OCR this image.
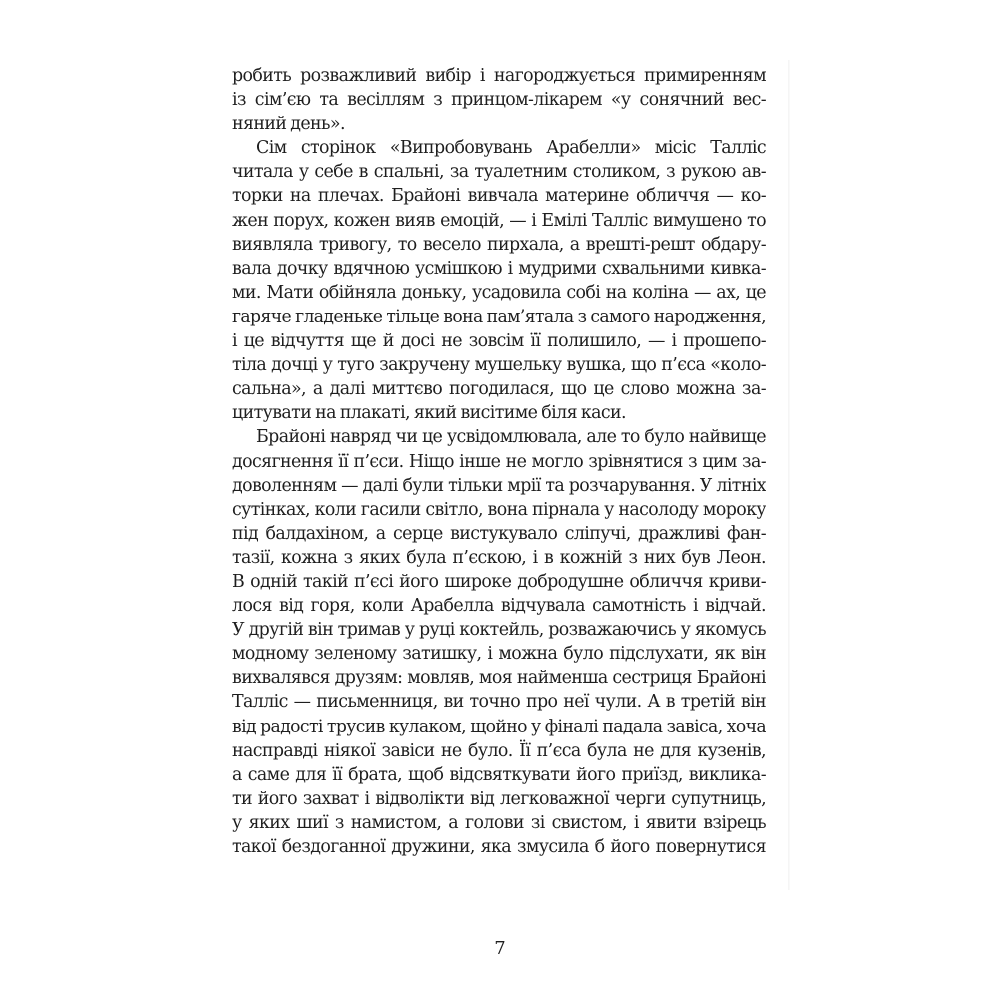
робить розважливий вибір і нагороджується примиренням
із сім’єю та весіллям з принцом-лікарем «у сонячний вес-
няний день».
Сім сторінок «Випробовувань Арабелли» місіс Талліс
читала у себе в спальні, за туалетним столиком, з рукою ав-
торки на плечах. Брайоні вивчала материне обличчя — ко-
жен порух, кожен вияв емоцій, — і Емілі Талліс вимушено то
виявляла тривогу, то весело пирхала, а врешті-решт обдару-
вала дочку вдячною усмішкою і мудрими схвальними кивка-
ми. Мати обійняла доньку, усадовила собі на коліна — ах, це
гаряче гладеньке тільце вона пам’ятала з самого народження,
і це відчуття ще й досі не зовсім її полишило, — і прошепо-
тіла дочці у туго закручену мушельку вушка, що п’єса «коло-
сальна», а далі миттєво погодилася, що це слово можна за-
цитувати на плакаті, який висітиме біля каси.
Брайоні навряд чи це усвідомлювала, але то було найвище
досягнення її п’єси. Ніщо інше не могло зрівнятися з цим за-
доволенням — далі були тільки мрії та розчарування. У літніх
сутінках, коли гасили світло, вона пірнала у насолоду мороку
під балдахіном, а серце вистукувало сліпучі, дражливі фан-
тазії, кожна з яких була п’єскою, і в кожній з них був Леон.
В одній такій п’єсі його широке добродушне обличчя криви-
лося від горя, коли Арабелла відчувала самотність і відчай.
У другій він тримав у руці коктейль, розважаючись у якомусь
модному зеленому затишку, і можна було підслухати, як він
вихвалявся друзям: мовляв, моя найменша сестриця Брайоні
Талліс — письменниця, ви точно про неї чули. А в третій він
від радості трусив кулаком, щойно у фіналі падала завіса, хоча
насправді ніякої завіси не було. Її п’єса була не для кузенів,
а саме для її брата, щоб відсвяткувати його приїзд, виклика-
ти його захват і відволікти від легковажної черги супутниць,
у яких шиї з намистом, а голови зі свистом, і явити взірець
такої бездоганної дружини, яка змусила б його повернутися
7
